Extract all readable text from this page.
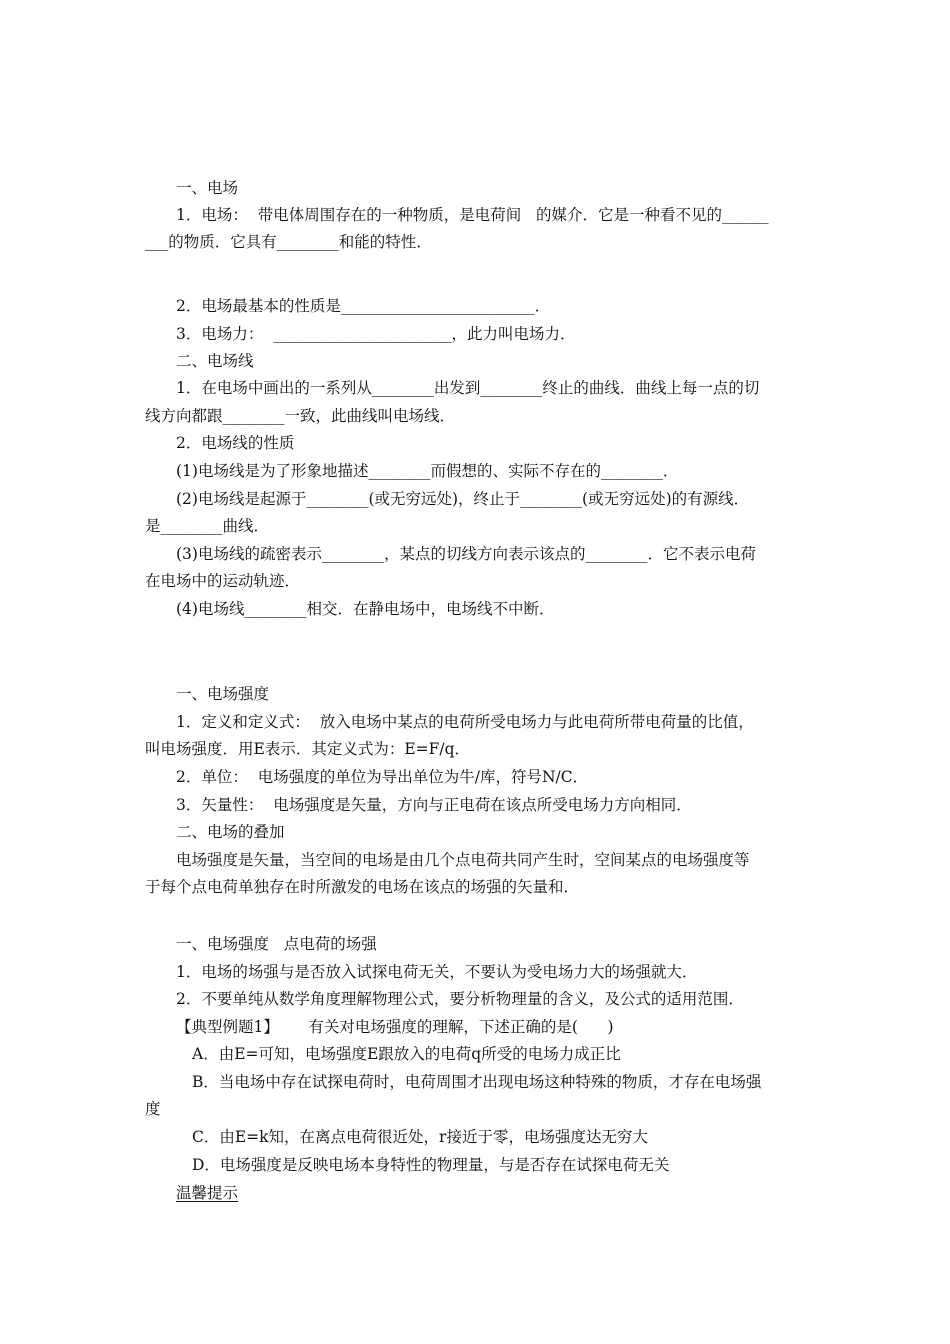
一、电场
1．电场：  带电体周围存在的一种物质，是电荷间   的媒介．它是一种看不见的______
___的物质．它具有________和能的特性．
2．电场最基本的性质是_________________________．
3．电场力：  _______________________，此力叫电场力．
二、电场线
1．在电场中画出的一系列从________出发到________终止的曲线．曲线上每一点的切
线方向都跟________一致，此曲线叫电场线．
2．电场线的性质
(1)电场线是为了形象地描述________而假想的、实际不存在的________．
(2)电场线是起源于________(或无穷远处)，终止于________(或无穷远处)的有源线．
是________曲线．
(3)电场线的疏密表示________，某点的切线方向表示该点的________．它不表示电荷
在电场中的运动轨迹．
(4)电场线________相交．在静电场中，电场线不中断．
一、电场强度
1．定义和定义式：  放入电场中某点的电荷所受电场力与此电荷所带电荷量的比值，
叫电场强度．用E表示．其定义式为：E=F/q．
2．单位：  电场强度的单位为导出单位为牛/库，符号N/C．
3．矢量性：  电场强度是矢量，方向与正电荷在该点所受电场力方向相同．
二、电场的叠加
电场强度是矢量，当空间的电场是由几个点电荷共同产生时，空间某点的电场强度等
于每个点电荷单独存在时所激发的电场在该点的场强的矢量和．
一、电场强度   点电荷的场强
1．电场的场强与是否放入试探电荷无关，不要认为受电场力大的场强就大．
2．不要单纯从数学角度理解物理公式，要分析物理量的含义，及公式的适用范围．
【典型例题1】      有关对电场强度的理解，下述正确的是(      )
A．由E=可知，电场强度E跟放入的电荷q所受的电场力成正比
B．当电场中存在试探电荷时，电荷周围才出现电场这种特殊的物质，才存在电场强
度
C．由E=k知，在离点电荷很近处，r接近于零，电场强度达无穷大
D．电场强度是反映电场本身特性的物理量，与是否存在试探电荷无关
温馨提示
